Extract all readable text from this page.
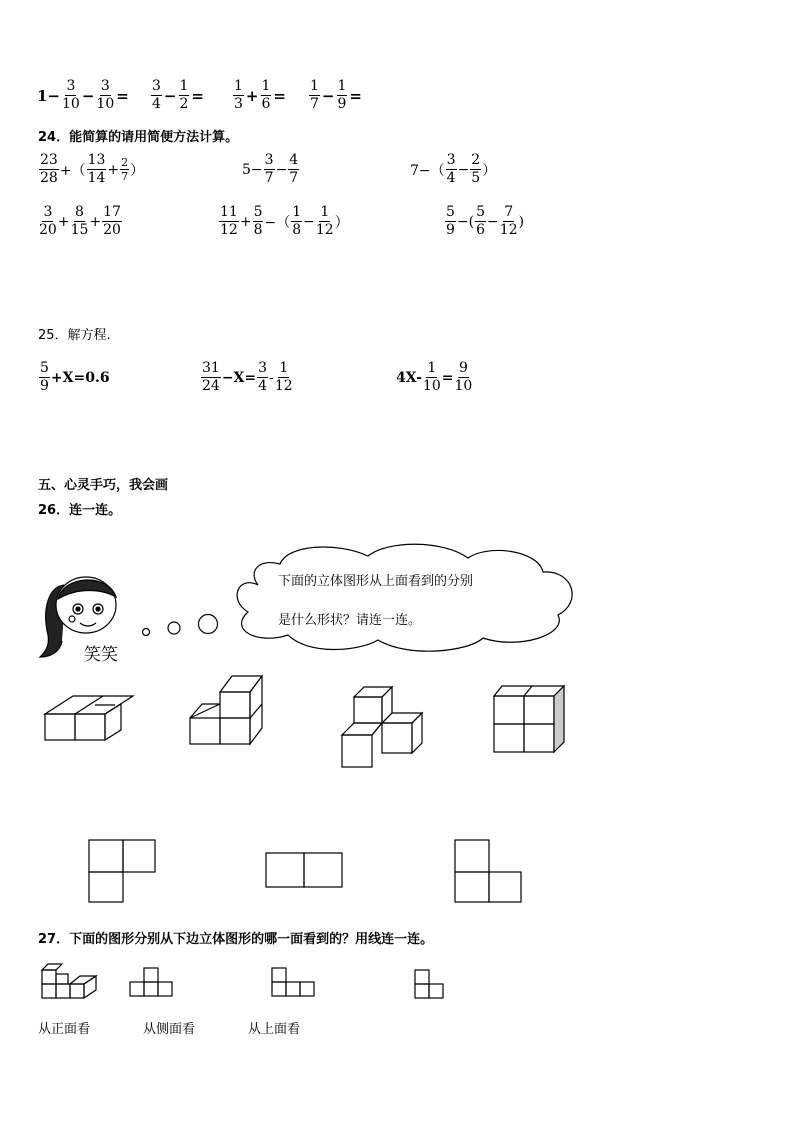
$1- \frac{3}{10} - \frac{3}{10} = \frac{3}{4} - \frac{1}{2} = \frac{1}{3} + \frac{1}{6} = \frac{1}{7} - \frac{1}{9}$ =
24．能简算的请用简便方法计算。
$\frac{23}{28}$ +（ $\frac{13}{14} + \frac{2}{7}$ ）	$5- \frac{3}{7} - \frac{4}{7}$	$7-( \frac{3}{4} - \frac{2}{5}$ ）
$\frac{3}{20} + \frac{8}{15} + \frac{17}{20}$	$\frac{11}{12} + \frac{5}{8}$ −（ $\frac{1}{8} - \frac{1}{12}$ ）	$\frac{5}{9}$ −( $\frac{5}{6} - \frac{7}{12}$ )
25．解方程.
$\frac{5}{9} +X=0.6$	$\frac{31}{24} -X= \frac{3}{4} - \frac{1}{12}$	$4X- \frac{1}{10} = \frac{9}{10}$
五、心灵手巧，我会画
26．连一连。
笑笑
下面的立体图形从上面看到的分别
是什么形状？请连一连。
27．下面的图形分别从下边立体图形的哪一面看到的？用线连一连。
从正面看	从侧面看	从上面看
